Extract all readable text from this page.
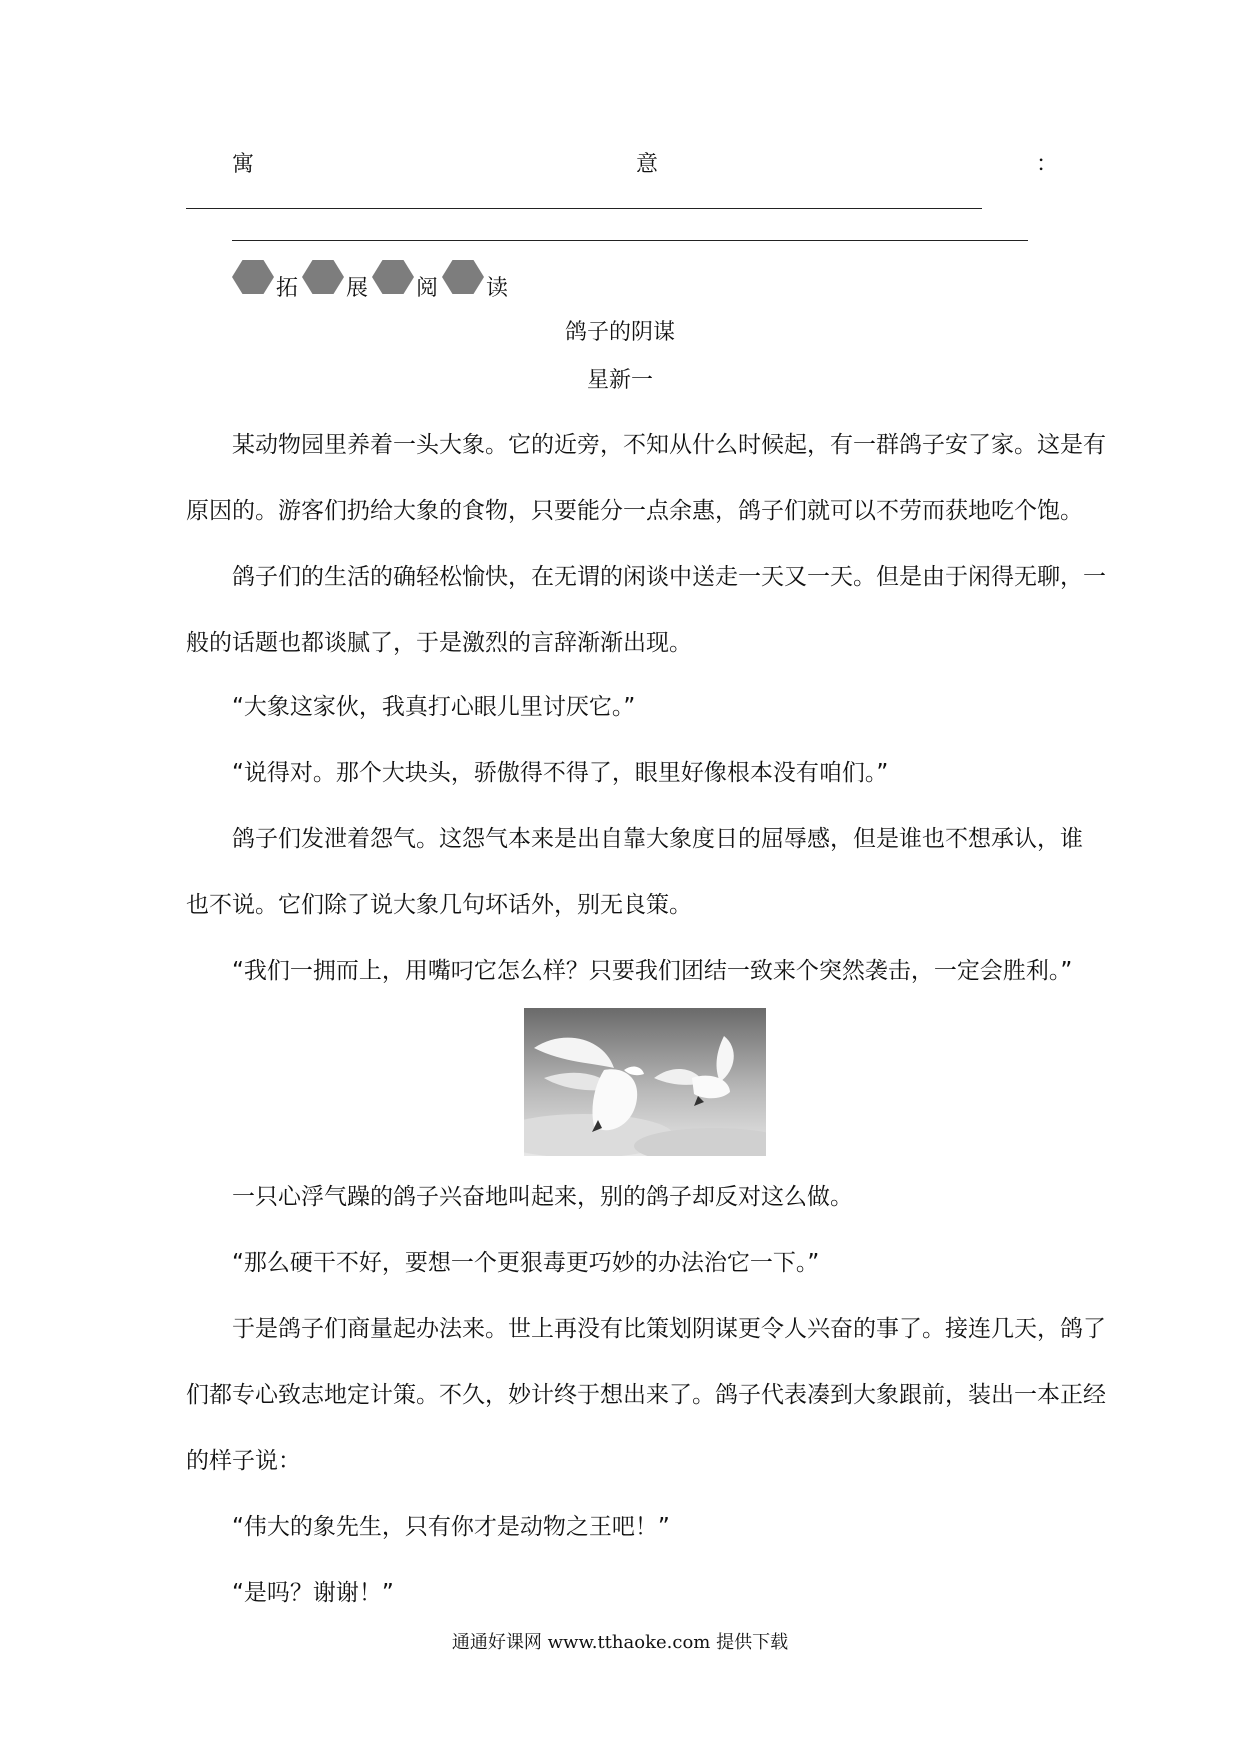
寓	意	：
拓 展 阅 读
鸽子的阴谋
星新一
某动物园里养着一头大象。它的近旁，不知从什么时候起，有一群鸽子安了家。这是有
原因的。游客们扔给大象的食物，只要能分一点余惠，鸽子们就可以不劳而获地吃个饱。
鸽子们的生活的确轻松愉快，在无谓的闲谈中送走一天又一天。但是由于闲得无聊，一
般的话题也都谈腻了，于是激烈的言辞渐渐出现。
“大象这家伙，我真打心眼儿里讨厌它。”
“说得对。那个大块头，骄傲得不得了，眼里好像根本没有咱们。”
鸽子们发泄着怨气。这怨气本来是出自靠大象度日的屈辱感，但是谁也不想承认，谁
也不说。它们除了说大象几句坏话外，别无良策。
“我们一拥而上，用嘴叼它怎么样？只要我们团结一致来个突然袭击，一定会胜利。”
一只心浮气躁的鸽子兴奋地叫起来，别的鸽子却反对这么做。
“那么硬干不好，要想一个更狠毒更巧妙的办法治它一下。”
于是鸽子们商量起办法来。世上再没有比策划阴谋更令人兴奋的事了。接连几天，鸽了
们都专心致志地定计策。不久，妙计终于想出来了。鸽子代表凑到大象跟前，装出一本正经
的样子说：
“伟大的象先生，只有你才是动物之王吧！”
“是吗？谢谢！”
通通好课网 www.tthaoke.com 提供下载
